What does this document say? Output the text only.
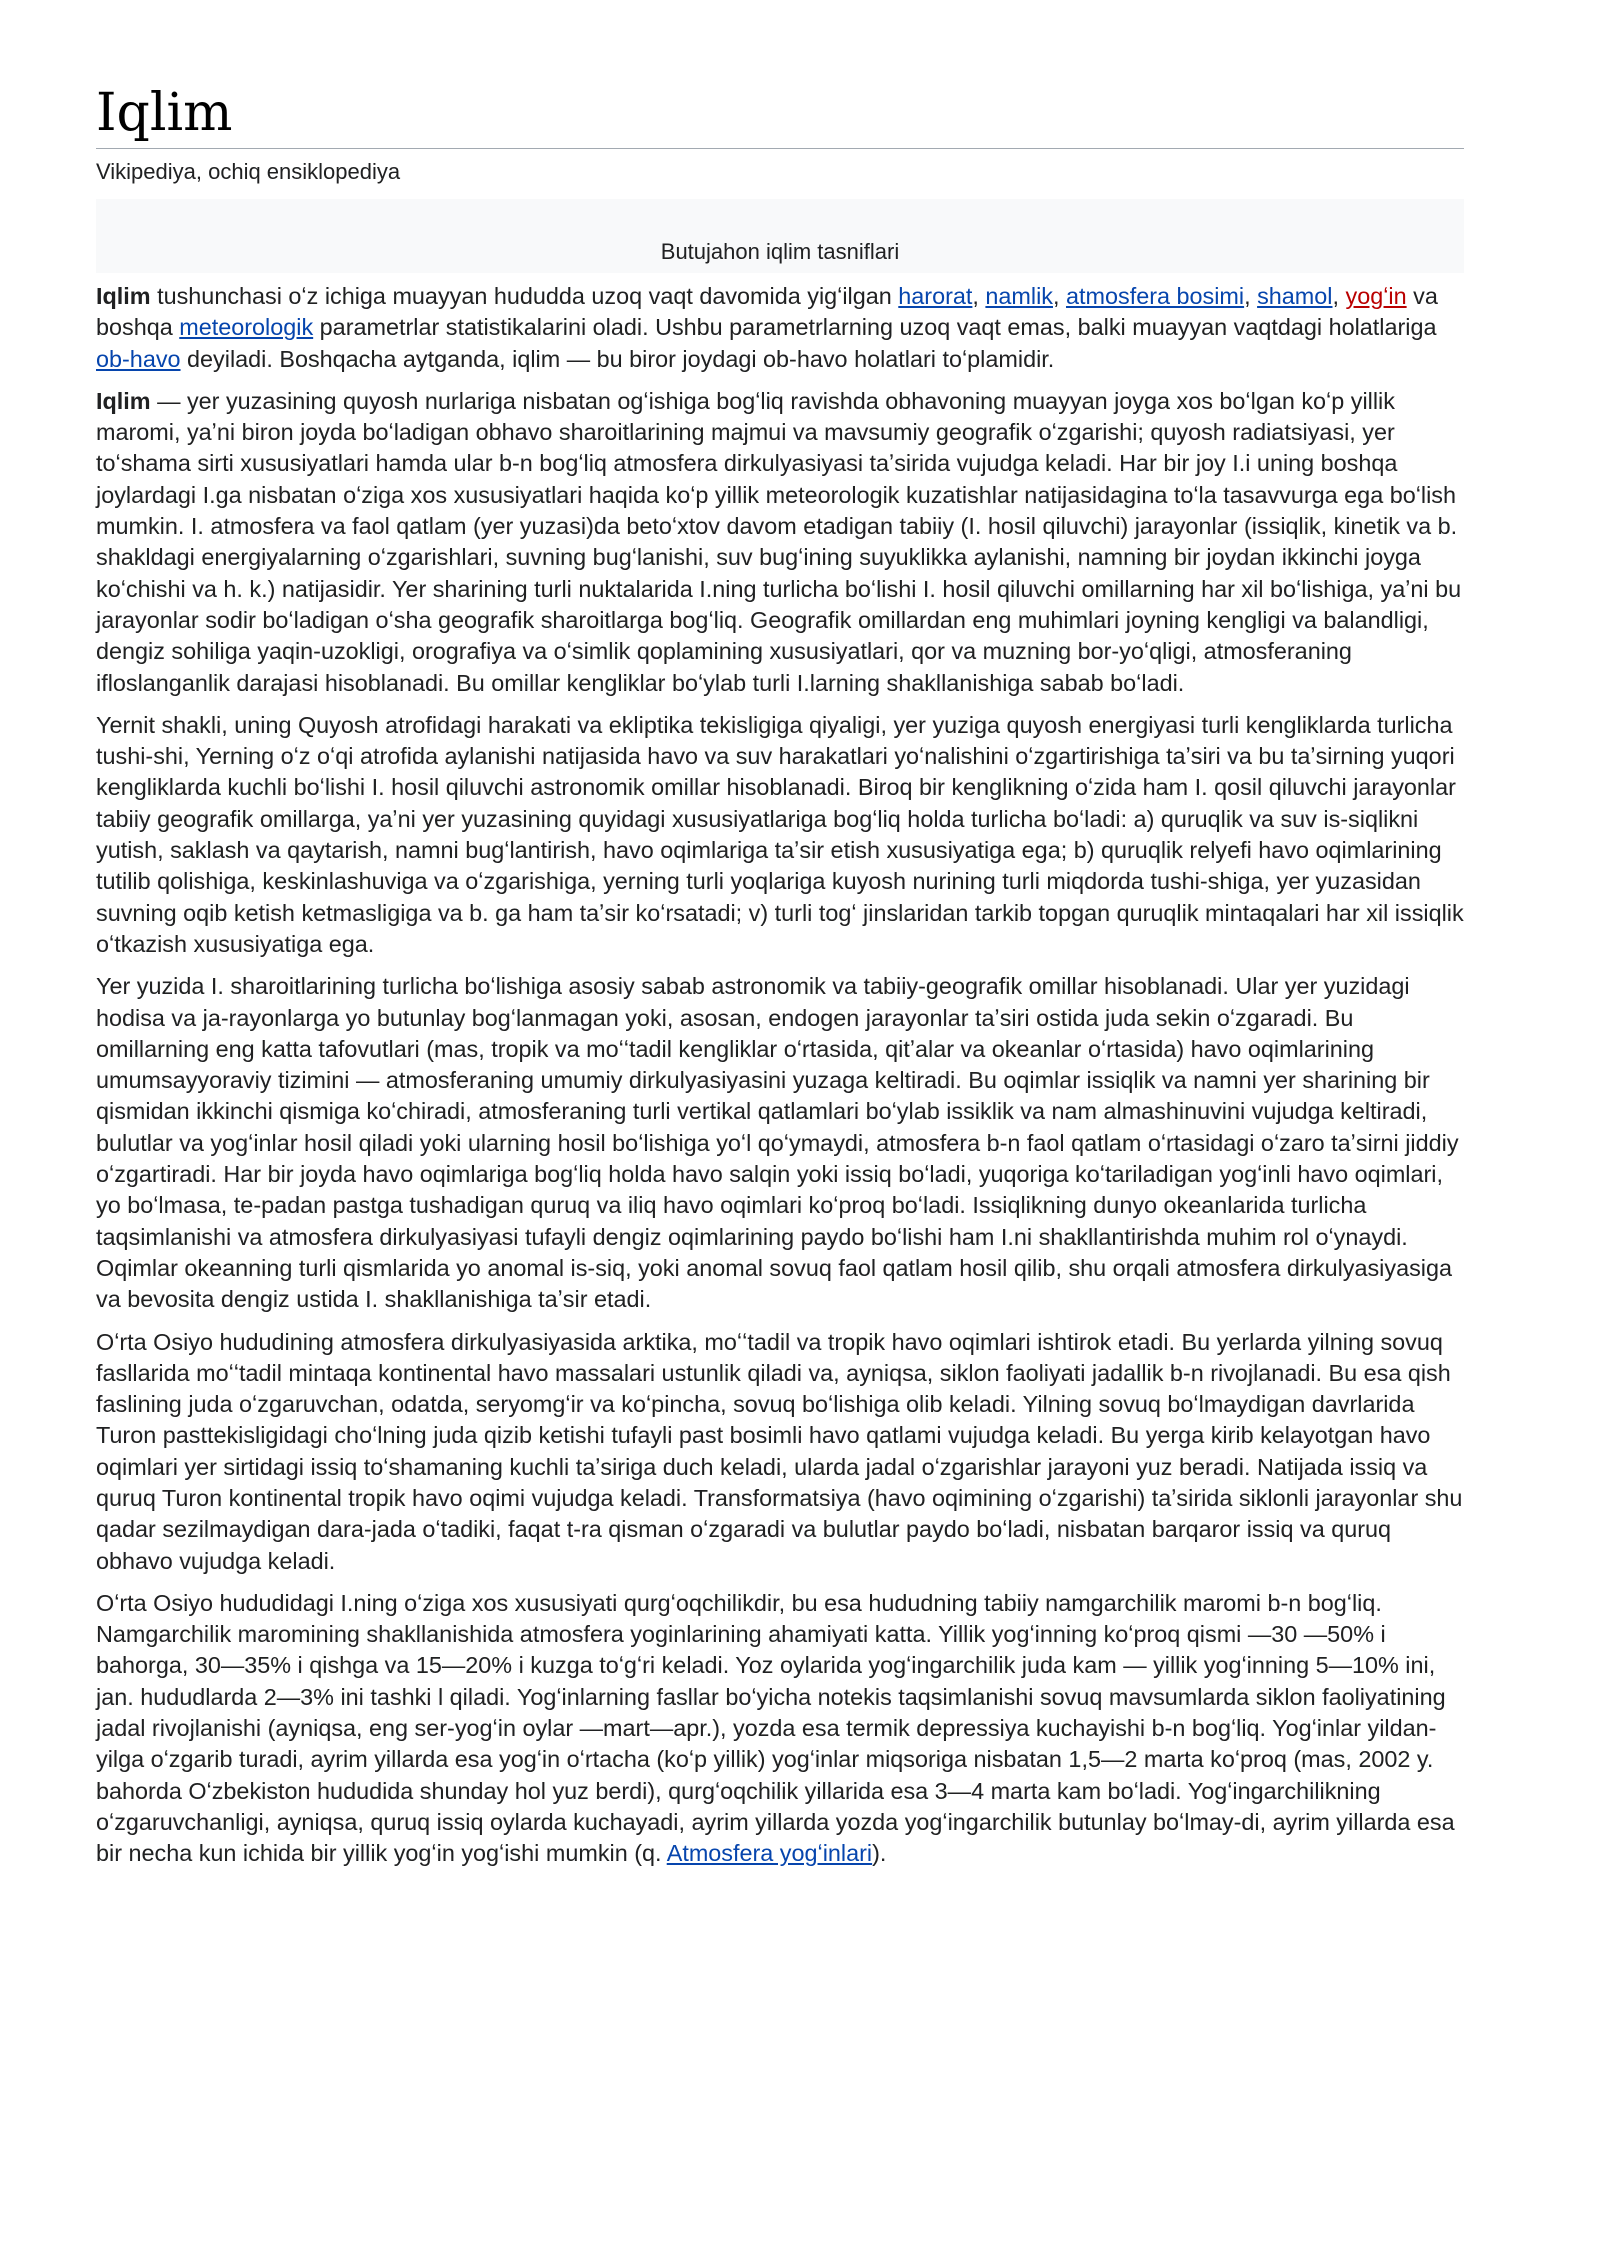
Iqlim
Vikipediya, ochiq ensiklopediya
Butujahon iqlim tasniflari

Iqlim tushunchasi oʻz ichiga muayyan hududda uzoq vaqt davomida yigʻilgan harorat, namlik, atmosfera bosimi, shamol, yogʻin va boshqa meteorologik parametrlar statistikalarini oladi. Ushbu parametrlarning uzoq vaqt emas, balki muayyan vaqtdagi holatlariga ob-havo deyiladi. Boshqacha aytganda, iqlim — bu biror joydagi ob-havo holatlari toʻplamidir.

Iqlim — yer yuzasining quyosh nurlariga nisbatan ogʻishiga bogʻliq ravishda obhavoning muayyan joyga xos boʻlgan koʻp yillik maromi, yaʼni biron joyda boʻladigan obhavo sharoitlarining majmui va mavsumiy geografik oʻzgarishi; quyosh radiatsiyasi, yer toʻshama sirti xususiyatlari hamda ular b-n bogʻliq atmosfera dirkulyasiyasi taʼsirida vujudga keladi. Har bir joy I.i uning boshqa joylardagi I.ga nisbatan oʻziga xos xususiyatlari haqida koʻp yillik meteorologik kuzatishlar natijasidagina toʻla tasavvurga ega boʻlish mumkin. I. atmosfera va faol qatlam (yer yuzasi)da betoʻxtov davom etadigan tabiiy (I. hosil qiluvchi) jarayonlar (issiqlik, kinetik va b. shakldagi energiyalarning oʻzgarishlari, suvning bugʻlanishi, suv bugʻining suyuklikka aylanishi, namning bir joydan ikkinchi joyga koʻchishi va h. k.) natijasidir. Yer sharining turli nuktalarida I.ning turlicha boʻlishi I. hosil qiluvchi omillarning har xil boʻlishiga, yaʼni bu jarayonlar sodir boʻladigan oʻsha geografik sharoitlarga bogʻliq. Geografik omillardan eng muhimlari joyning kengligi va balandligi, dengiz sohiliga yaqin-uzokligi, orografiya va oʻsimlik qoplamining xususiyatlari, qor va muzning bor-yoʻqligi, atmosferaning ifloslanganlik darajasi hisoblanadi. Bu omillar kengliklar boʻylab turli I.larning shakllanishiga sabab boʻladi.

Yernit shakli, uning Quyosh atrofidagi harakati va ekliptika tekisligiga qiyaligi, yer yuziga quyosh energiyasi turli kengliklarda turlicha tushi-shi, Yerning oʻz oʻqi atrofida aylanishi natijasida havo va suv harakatlari yoʻnalishini oʻzgartirishiga taʼsiri va bu taʼsirning yuqori kengliklarda kuchli boʻlishi I. hosil qiluvchi astronomik omillar hisoblanadi. Biroq bir kenglikning oʻzida ham I. qosil qiluvchi jarayonlar tabiiy geografik omillarga, yaʼni yer yuzasining quyidagi xususiyatlariga bogʻliq holda turlicha boʻladi: a) quruqlik va suv is-siqlikni yutish, saklash va qaytarish, namni bugʻlantirish, havo oqimlariga taʼsir etish xususiyatiga ega; b) quruqlik relyefi havo oqimlarining tutilib qolishiga, keskinlashuviga va oʻzgarishiga, yerning turli yoqlariga kuyosh nurining turli miqdorda tushi-shiga, yer yuzasidan suvning oqib ketish ketmasligiga va b. ga ham taʼsir koʻrsatadi; v) turli togʻ jinslaridan tarkib topgan quruqlik mintaqalari har xil issiqlik oʻtkazish xususiyatiga ega.

Yer yuzida I. sharoitlarining turlicha boʻlishiga asosiy sabab astronomik va tabiiy-geografik omillar hisoblanadi. Ular yer yuzidagi hodisa va ja-rayonlarga yo butunlay bogʻlanmagan yoki, asosan, endogen jarayonlar taʼsiri ostida juda sekin oʻzgaradi. Bu omillarning eng katta tafovutlari (mas, tropik va moʻʻtadil kengliklar oʻrtasida, qitʼalar va okeanlar oʻrtasida) havo oqimlarining umumsayyoraviy tizimini — atmosferaning umumiy dirkulyasiyasini yuzaga keltiradi. Bu oqimlar issiqlik va namni yer sharining bir qismidan ikkinchi qismiga koʻchiradi, atmosferaning turli vertikal qatlamlari boʻylab issiklik va nam almashinuvini vujudga keltiradi, bulutlar va yogʻinlar hosil qiladi yoki ularning hosil boʻlishiga yoʻl qoʻymaydi, atmosfera b-n faol qatlam oʻrtasidagi oʻzaro taʼsirni jiddiy oʻzgartiradi. Har bir joyda havo oqimlariga bogʻliq holda havo salqin yoki issiq boʻladi, yuqoriga koʻtariladigan yogʻinli havo oqimlari, yo boʻlmasa, te-padan pastga tushadigan quruq va iliq havo oqimlari koʻproq boʻladi. Issiqlikning dunyo okeanlarida turlicha taqsimlanishi va atmosfera dirkulyasiyasi tufayli dengiz oqimlarining paydo boʻlishi ham I.ni shakllantirishda muhim rol oʻynaydi. Oqimlar okeanning turli qismlarida yo anomal is-siq, yoki anomal sovuq faol qatlam hosil qilib, shu orqali atmosfera dirkulyasiyasiga va bevosita dengiz ustida I. shakllanishiga taʼsir etadi.

Oʻrta Osiyo hududining atmosfera dirkulyasiyasida arktika, moʻʻtadil va tropik havo oqimlari ishtirok etadi. Bu yerlarda yilning sovuq fasllarida moʻʻtadil mintaqa kontinental havo massalari ustunlik qiladi va, ayniqsa, siklon faoliyati jadallik b-n rivojlanadi. Bu esa qish faslining juda oʻzgaruvchan, odatda, seryomgʻir va koʻpincha, sovuq boʻlishiga olib keladi. Yilning sovuq boʻlmaydigan davrlarida Turon pasttekisligidagi choʻlning juda qizib ketishi tufayli past bosimli havo qatlami vujudga keladi. Bu yerga kirib kelayotgan havo oqimlari yer sirtidagi issiq toʻshamaning kuchli taʼsiriga duch keladi, ularda jadal oʻzgarishlar jarayoni yuz beradi. Natijada issiq va quruq Turon kontinental tropik havo oqimi vujudga keladi. Transformatsiya (havo oqimining oʻzgarishi) taʼsirida siklonli jarayonlar shu qadar sezilmaydigan dara-jada oʻtadiki, faqat t-ra qisman oʻzgaradi va bulutlar paydo boʻladi, nisbatan barqaror issiq va quruq obhavo vujudga keladi.

Oʻrta Osiyo hududidagi I.ning oʻziga xos xususiyati qurgʻoqchilikdir, bu esa hududning tabiiy namgarchilik maromi b-n bogʻliq. Namgarchilik maromining shakllanishida atmosfera yoginlarining ahamiyati katta. Yillik yogʻinning koʻproq qismi —30 —50% i bahorga, 30—35% i qishga va 15—20% i kuzga toʻgʻri keladi. Yoz oylarida yogʻingarchilik juda kam — yillik yogʻinning 5—10% ini, jan. hududlarda 2—3% ini tashki l qiladi. Yogʻinlarning fasllar boʻyicha notekis taqsimlanishi sovuq mavsumlarda siklon faoliyatining jadal rivojlanishi (ayniqsa, eng ser-yogʻin oylar —mart—apr.), yozda esa termik depressiya kuchayishi b-n bogʻliq. Yogʻinlar yildan-yilga oʻzgarib turadi, ayrim yillarda esa yogʻin oʻrtacha (koʻp yillik) yogʻinlar miqsoriga nisbatan 1,5—2 marta koʻproq (mas, 2002 y. bahorda Oʻzbekiston hududida shunday hol yuz berdi), qurgʻoqchilik yillarida esa 3—4 marta kam boʻladi. Yogʻingarchilikning oʻzgaruvchanligi, ayniqsa, quruq issiq oylarda kuchayadi, ayrim yillarda yozda yogʻingarchilik butunlay boʻlmay-di, ayrim yillarda esa bir necha kun ichida bir yillik yogʻin yogʻishi mumkin (q. Atmosfera yogʻinlari).
